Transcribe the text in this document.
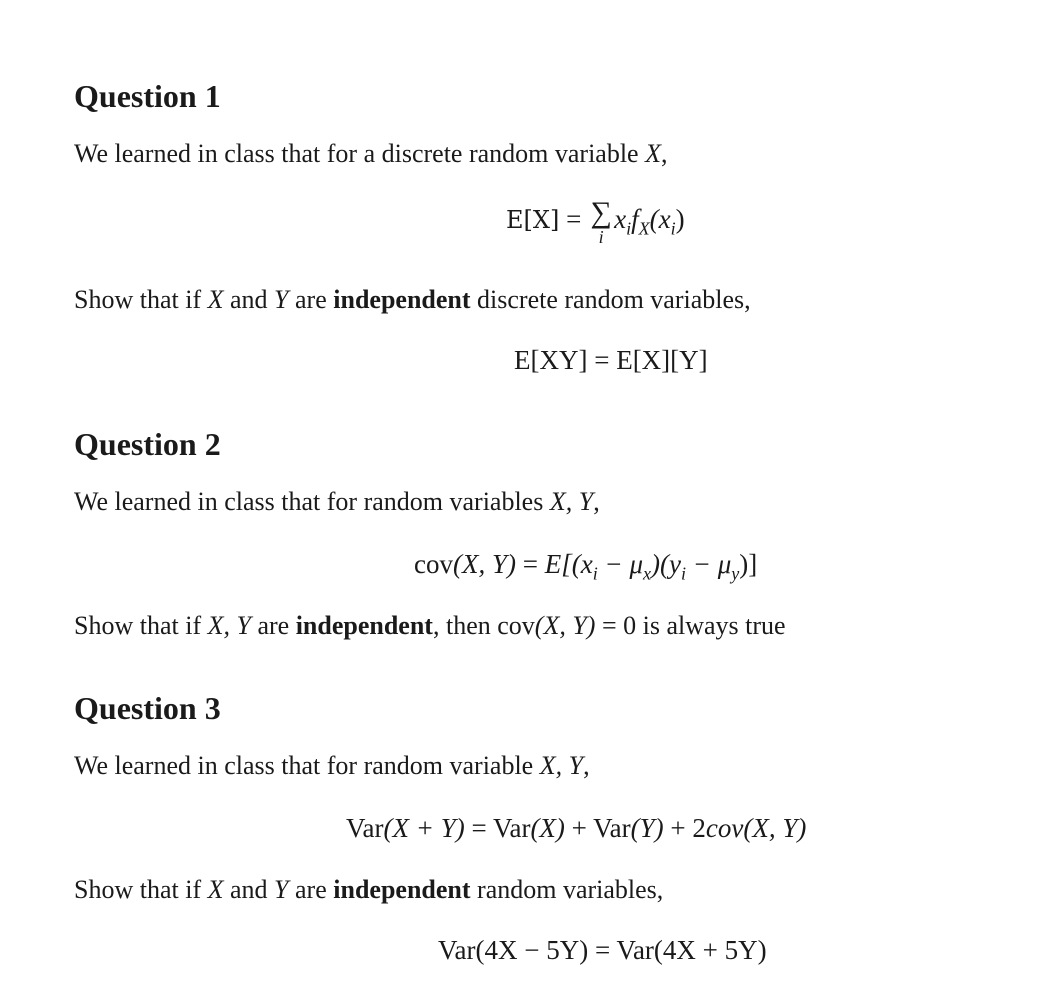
Question 1

We learned in class that for a discrete random variable X,

E[X] = ∑
i
$x_if_X(x_i)$

Show that if X and Y are independent discrete random variables,

E[XY] = E[X][Y]
Question 2

We learned in class that for random variables X, Y,

cov(X, $Y) = E[(x_i - \mu_x)(y_i - \mu_y)]$

Show that if X, Y are independent, then cov(X, Y) = 0 is always true

Question 3

We learned in class that for random variable X, Y,

Var(X + Y) = Var(X) + Var(Y) + 2cov(X, Y)

Show that if X and Y are independent random variables,

Var(4X − 5Y) = Var(4X + 5Y)
